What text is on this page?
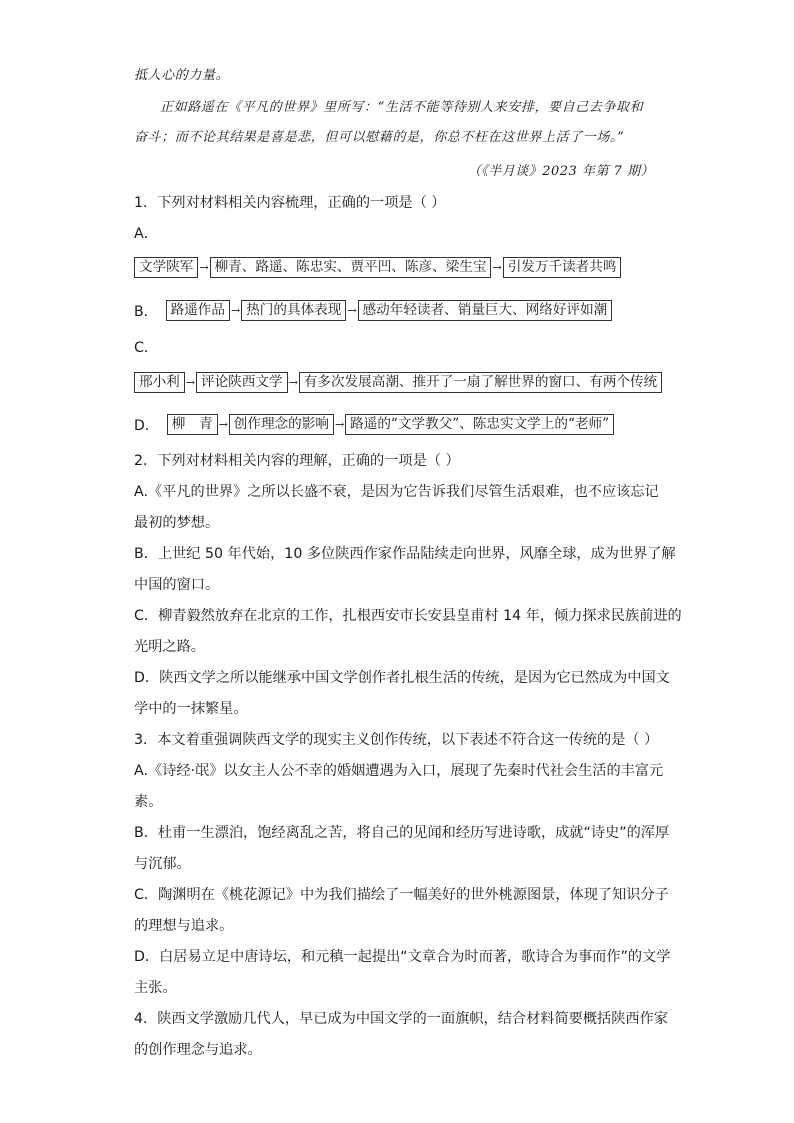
抵人心的力量。
正如路遥在《平凡的世界》里所写：“生活不能等待别人来安排，要自己去争取和
奋斗；而不论其结果是喜是悲，但可以慰藉的是，你总不枉在这世界上活了一场。”
（《半月谈》2023 年第 7 期）
1．下列对材料相关内容梳理，正确的一项是（ ）
A．
文学陕军 → 柳青、路遥、陈忠实、贾平凹、陈彦、梁生宝 → 引发万千读者共鸣
B． 路遥作品 → 热门的具体表现 → 感动年轻读者、销量巨大、网络好评如潮
C．
邢小利 → 评论陕西文学 → 有多次发展高潮、推开了一扇了解世界的窗口、有两个传统
D． 柳　青 → 创作理念的影响 → 路遥的“文学教父”、陈忠实文学上的“老师”
2．下列对材料相关内容的理解，正确的一项是（ ）
A.《平凡的世界》之所以长盛不衰，是因为它告诉我们尽管生活艰难，也不应该忘记
最初的梦想。
B．上世纪 50 年代始，10 多位陕西作家作品陆续走向世界，风靡全球，成为世界了解
中国的窗口。
C．柳青毅然放弃在北京的工作，扎根西安市长安县皇甫村 14 年，倾力探求民族前进的
光明之路。
D．陕西文学之所以能继承中国文学创作者扎根生活的传统，是因为它已然成为中国文
学中的一抹繁星。
3．本文着重强调陕西文学的现实主义创作传统，以下表述不符合这一传统的是（ ）
A.《诗经·氓》以女主人公不幸的婚姻遭遇为入口，展现了先秦时代社会生活的丰富元
素。
B．杜甫一生漂泊，饱经离乱之苦，将自己的见闻和经历写进诗歌，成就“诗史”的浑厚
与沉郁。
C．陶渊明在《桃花源记》中为我们描绘了一幅美好的世外桃源图景，体现了知识分子
的理想与追求。
D．白居易立足中唐诗坛，和元稹一起提出“文章合为时而著，歌诗合为事而作”的文学
主张。
4．陕西文学激励几代人，早已成为中国文学的一面旗帜，结合材料简要概括陕西作家
的创作理念与追求。
